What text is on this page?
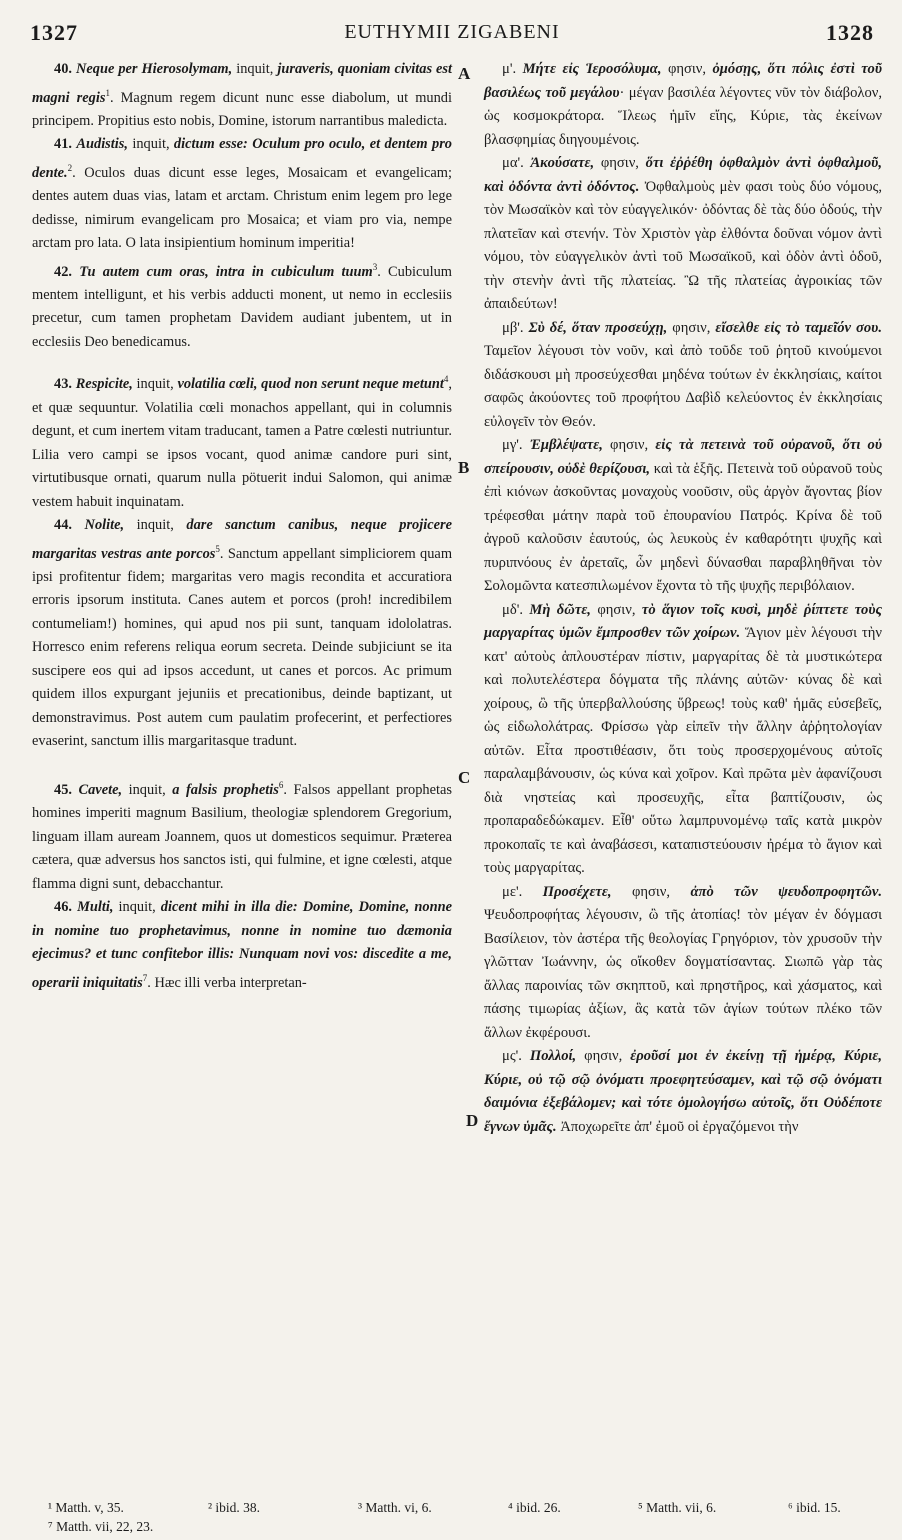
1327	EUTHYMII ZIGABENI	1328
A
B
C
D

40. Neque per Hierosolymam, inquit, juraveris, quoniam civitas est magni regis$^1$. Magnum regem dicunt nunc esse diabolum, ut mundi principem. Propitius esto nobis, Domine, istorum narrantibus maledicta.

41. Audistis, inquit, dictum esse: Oculum pro oculo, et dentem pro dente.$^2$. Oculos duas dicunt esse leges, Mosaicam et evangelicam; dentes autem duas vias, latam et arctam. Christum enim legem pro lege dedisse, nimirum evangelicam pro Mosaica; et viam pro via, nempe arctam pro lata. O lata insipientium hominum imperitia!

42. Tu autem cum oras, intra in cubiculum tuum$^3$. Cubiculum mentem intelligunt, et his verbis adducti monent, ut nemo in ecclesiis precetur, cum tamen prophetam Davidem audiant jubentem, ut in ecclesiis Deo benedicamus.

43. Respicite, inquit, volatilia cœli, quod non serunt neque metunt$^4$, et quæ sequuntur. Volatilia cœli monachos appellant, qui in columnis degunt, et cum inertem vitam traducant, tamen a Patre cœlesti nutriuntur. Lilia vero campi se ipsos vocant, quod animæ candore puri sint, virtutibusque ornati, quarum nulla pötuerit indui Salomon, qui animæ vestem habuit inquinatam.

44. Nolite, inquit, dare sanctum canibus, neque projicere margaritas vestras ante porcos$^5$. Sanctum appellant simpliciorem quam ipsi profitentur fidem; margaritas vero magis recondita et accuratiora erroris ipsorum instituta. Canes autem et porcos (proh! incredibilem contumeliam!) homines, qui apud nos pii sunt, tanquam idololatras. Horresco enim referens reliqua eorum secreta. Deinde subjiciunt se ita suscipere eos qui ad ipsos accedunt, ut canes et porcos. Ac primum quidem illos expurgant jejuniis et precationibus, deinde baptizant, ut demonstravimus. Post autem cum paulatim profecerint, et perfectiores evaserint, sanctum illis margaritasque tradunt.

45. Cavete, inquit, a falsis prophetis$^6$. Falsos appellant prophetas homines imperiti magnum Basilium, theologiæ splendorem Gregorium, linguam illam auream Joannem, quos ut domesticos sequimur. Præterea cætera, quæ adversus hos sanctos isti, qui fulmine, et igne cœlesti, atque flamma digni sunt, debacchantur.

46. Multi, inquit, dicent mihi in illa die: Domine, Domine, nonne in nomine tuo prophetavimus, nonne in nomine tuo dæmonia ejecimus? et tunc confitebor illis: Nunquam novi vos: discedite a me, operarii iniquitatis$^7$. Hæc illi verba interpretan-

μ'. Μήτε εἰς Ἱεροσόλυμα, φησιν, ὀμόσῃς, ὅτι πόλις ἐστὶ τοῦ βασιλέως τοῦ μεγάλου· μέγαν βασιλέα λέγοντες νῦν τὸν διάβολον, ὡς κοσμοκράτορα. Ἵλεως ἡμῖν εἴης, Κύριε, τὰς ἐκείνων βλασφημίας διηγουμένοις.

μα'. Ἀκούσατε, φησιν, ὅτι ἐῤῥέθη ὀφθαλμὸν ἀντὶ ὀφθαλμοῦ, καὶ ὀδόντα ἀντὶ ὀδόντος. Ὀφθαλμοὺς μὲν φασι τοὺς δύο νόμους, τὸν Μωσαϊκὸν καὶ τὸν εὐαγγελικόν· ὀδόντας δὲ τὰς δύο ὁδούς, τὴν πλατεῖαν καὶ στενήν. Τὸν Χριστὸν γὰρ ἐλθόντα δοῦναι νόμον ἀντὶ νόμου, τὸν εὐαγγελικὸν ἀντὶ τοῦ Μωσαϊκοῦ, καὶ ὁδὸν ἀντὶ ὁδοῦ, τὴν στενὴν ἀντὶ τῆς πλατείας. Ὢ τῆς πλατείας ἀγροικίας τῶν ἀπαιδεύτων!

μβ'. Σὺ δέ, ὅταν προσεύχῃ, φησιν, εἴσελθε εἰς τὸ ταμεῖόν σου. Ταμεῖον λέγουσι τὸν νοῦν, καὶ ἀπὸ τοῦδε τοῦ ῥητοῦ κινούμενοι διδάσκουσι μὴ προσεύχεσθαι μηδένα τούτων ἐν ἐκκλησίαις, καίτοι σαφῶς ἀκούοντες τοῦ προφήτου Δαβὶδ κελεύοντος ἐν ἐκκλησίαις εὐλογεῖν τὸν Θεόν.

μγ'. Ἐμβλέψατε, φησιν, εἰς τὰ πετεινὰ τοῦ οὐρανοῦ, ὅτι οὐ σπείρουσιν, οὐδὲ θερίζουσι, καὶ τὰ ἑξῆς. Πετεινὰ τοῦ οὐρανοῦ τοὺς ἐπὶ κιόνων ἀσκοῦντας μοναχοὺς νοοῦσιν, οὓς ἀργὸν ἄγοντας βίον τρέφεσθαι μάτην παρὰ τοῦ ἐπουρανίου Πατρός. Κρίνα δὲ τοῦ ἀγροῦ καλοῦσιν ἑαυτούς, ὡς λευκοὺς ἐν καθαρότητι ψυχῆς καὶ πυριπνόους ἐν ἀρεταῖς, ὧν μηδενὶ δύνασθαι παραβληθῆναι τὸν Σολομῶντα κατεσπιλωμένον ἔχοντα τὸ τῆς ψυχῆς περιβόλαιον.

μδ'. Μὴ δῶτε, φησιν, τὸ ἅγιον τοῖς κυσὶ, μηδὲ ῥίπτετε τοὺς μαργαρίτας ὑμῶν ἔμπροσθεν τῶν χοίρων. Ἅγιον μὲν λέγουσι τὴν κατ' αὐτοὺς ἁπλουστέραν πίστιν, μαργαρίτας δὲ τὰ μυστικώτερα καὶ πολυτελέστερα δόγματα τῆς πλάνης αὐτῶν· κύνας δὲ καὶ χοίρους, ὢ τῆς ὑπερβαλλούσης ὕβρεως! τοὺς καθ' ἡμᾶς εὐσεβεῖς, ὡς εἰδωλολάτρας. Φρίσσω γὰρ εἰπεῖν τὴν ἄλλην ἀῤῥητολογίαν αὐτῶν. Εἶτα προστιθέασιν, ὅτι τοὺς προσερχομένους αὐτοῖς παραλαμβάνουσιν, ὡς κύνα καὶ χοῖρον. Καὶ πρῶτα μὲν ἀφανίζουσι διὰ νηστείας καὶ προσευχῆς, εἶτα βαπτίζουσιν, ὡς προπαραδεδώκαμεν. Εἶθ' οὕτω λαμπρυνομένῳ ταῖς κατὰ μικρὸν προκοπαῖς τε καὶ ἀναβάσεσι, καταπιστεύουσιν ἠρέμα τὸ ἅγιον καὶ τοὺς μαργαρίτας.

με'. Προσέχετε, φησιν, ἀπὸ τῶν ψευδοπροφητῶν. Ψευδοπροφήτας λέγουσιν, ὢ τῆς ἀτοπίας! τὸν μέγαν ἐν δόγμασι Βασίλειον, τὸν ἀστέρα τῆς θεολογίας Γρηγόριον, τὸν χρυσοῦν τὴν γλῶτταν Ἰωάννην, ὡς οἴκοθεν δογματίσαντας. Σιωπῶ γὰρ τὰς ἄλλας παροινίας τῶν σκηπτοῦ, καὶ πρηστῆρος, καὶ χάσματος, καὶ πάσης τιμωρίας ἀξίων, ἃς κατὰ τῶν ἁγίων τούτων πλέκο τῶν ἄλλων ἐκφέρουσι.

μς'. Πολλοί, φησιν, ἐροῦσί μοι ἐν ἐκείνῃ τῇ ἡμέρᾳ, Κύριε, Κύριε, οὐ τῷ σῷ ὀνόματι προεφητεύσαμεν, καὶ τῷ σῷ ὀνόματι δαιμόνια ἐξεβάλομεν; καὶ τότε ὁμολογήσω αὐτοῖς, ὅτι Οὐδέποτε ἔγνων ὑμᾶς. Ἀποχωρεῖτε ἀπ' ἐμοῦ οἱ ἐργαζόμενοι τὴν

¹ Matth. v, 35.	² ibid. 38.	³ Matth. vi, 6.	⁴ ibid. 26.	⁵ Matth. vii, 6.	⁶ ibid. 15.
⁷ Matth. vii, 22, 23.
